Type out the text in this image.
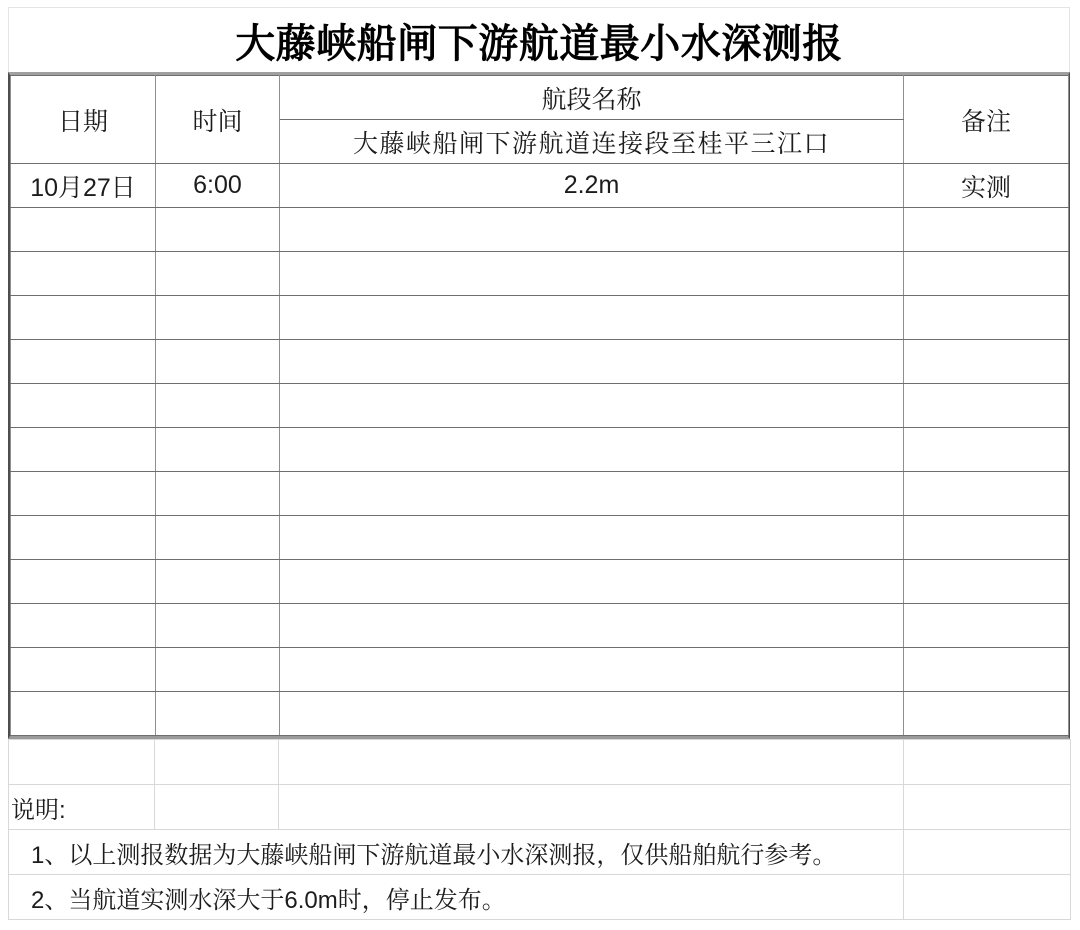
大藤峡船闸下游航道最小水深测报
日期	时间	航段名称	备注
		大藤峡船闸下游航道连接段至桂平三江口	
10月27日	6:00	2.2m	实测

说明:			
1、以上测报数据为大藤峡船闸下游航道最小水深测报，仅供船舶航行参考。			
2、当航道实测水深大于6.0m时，停止发布。			
